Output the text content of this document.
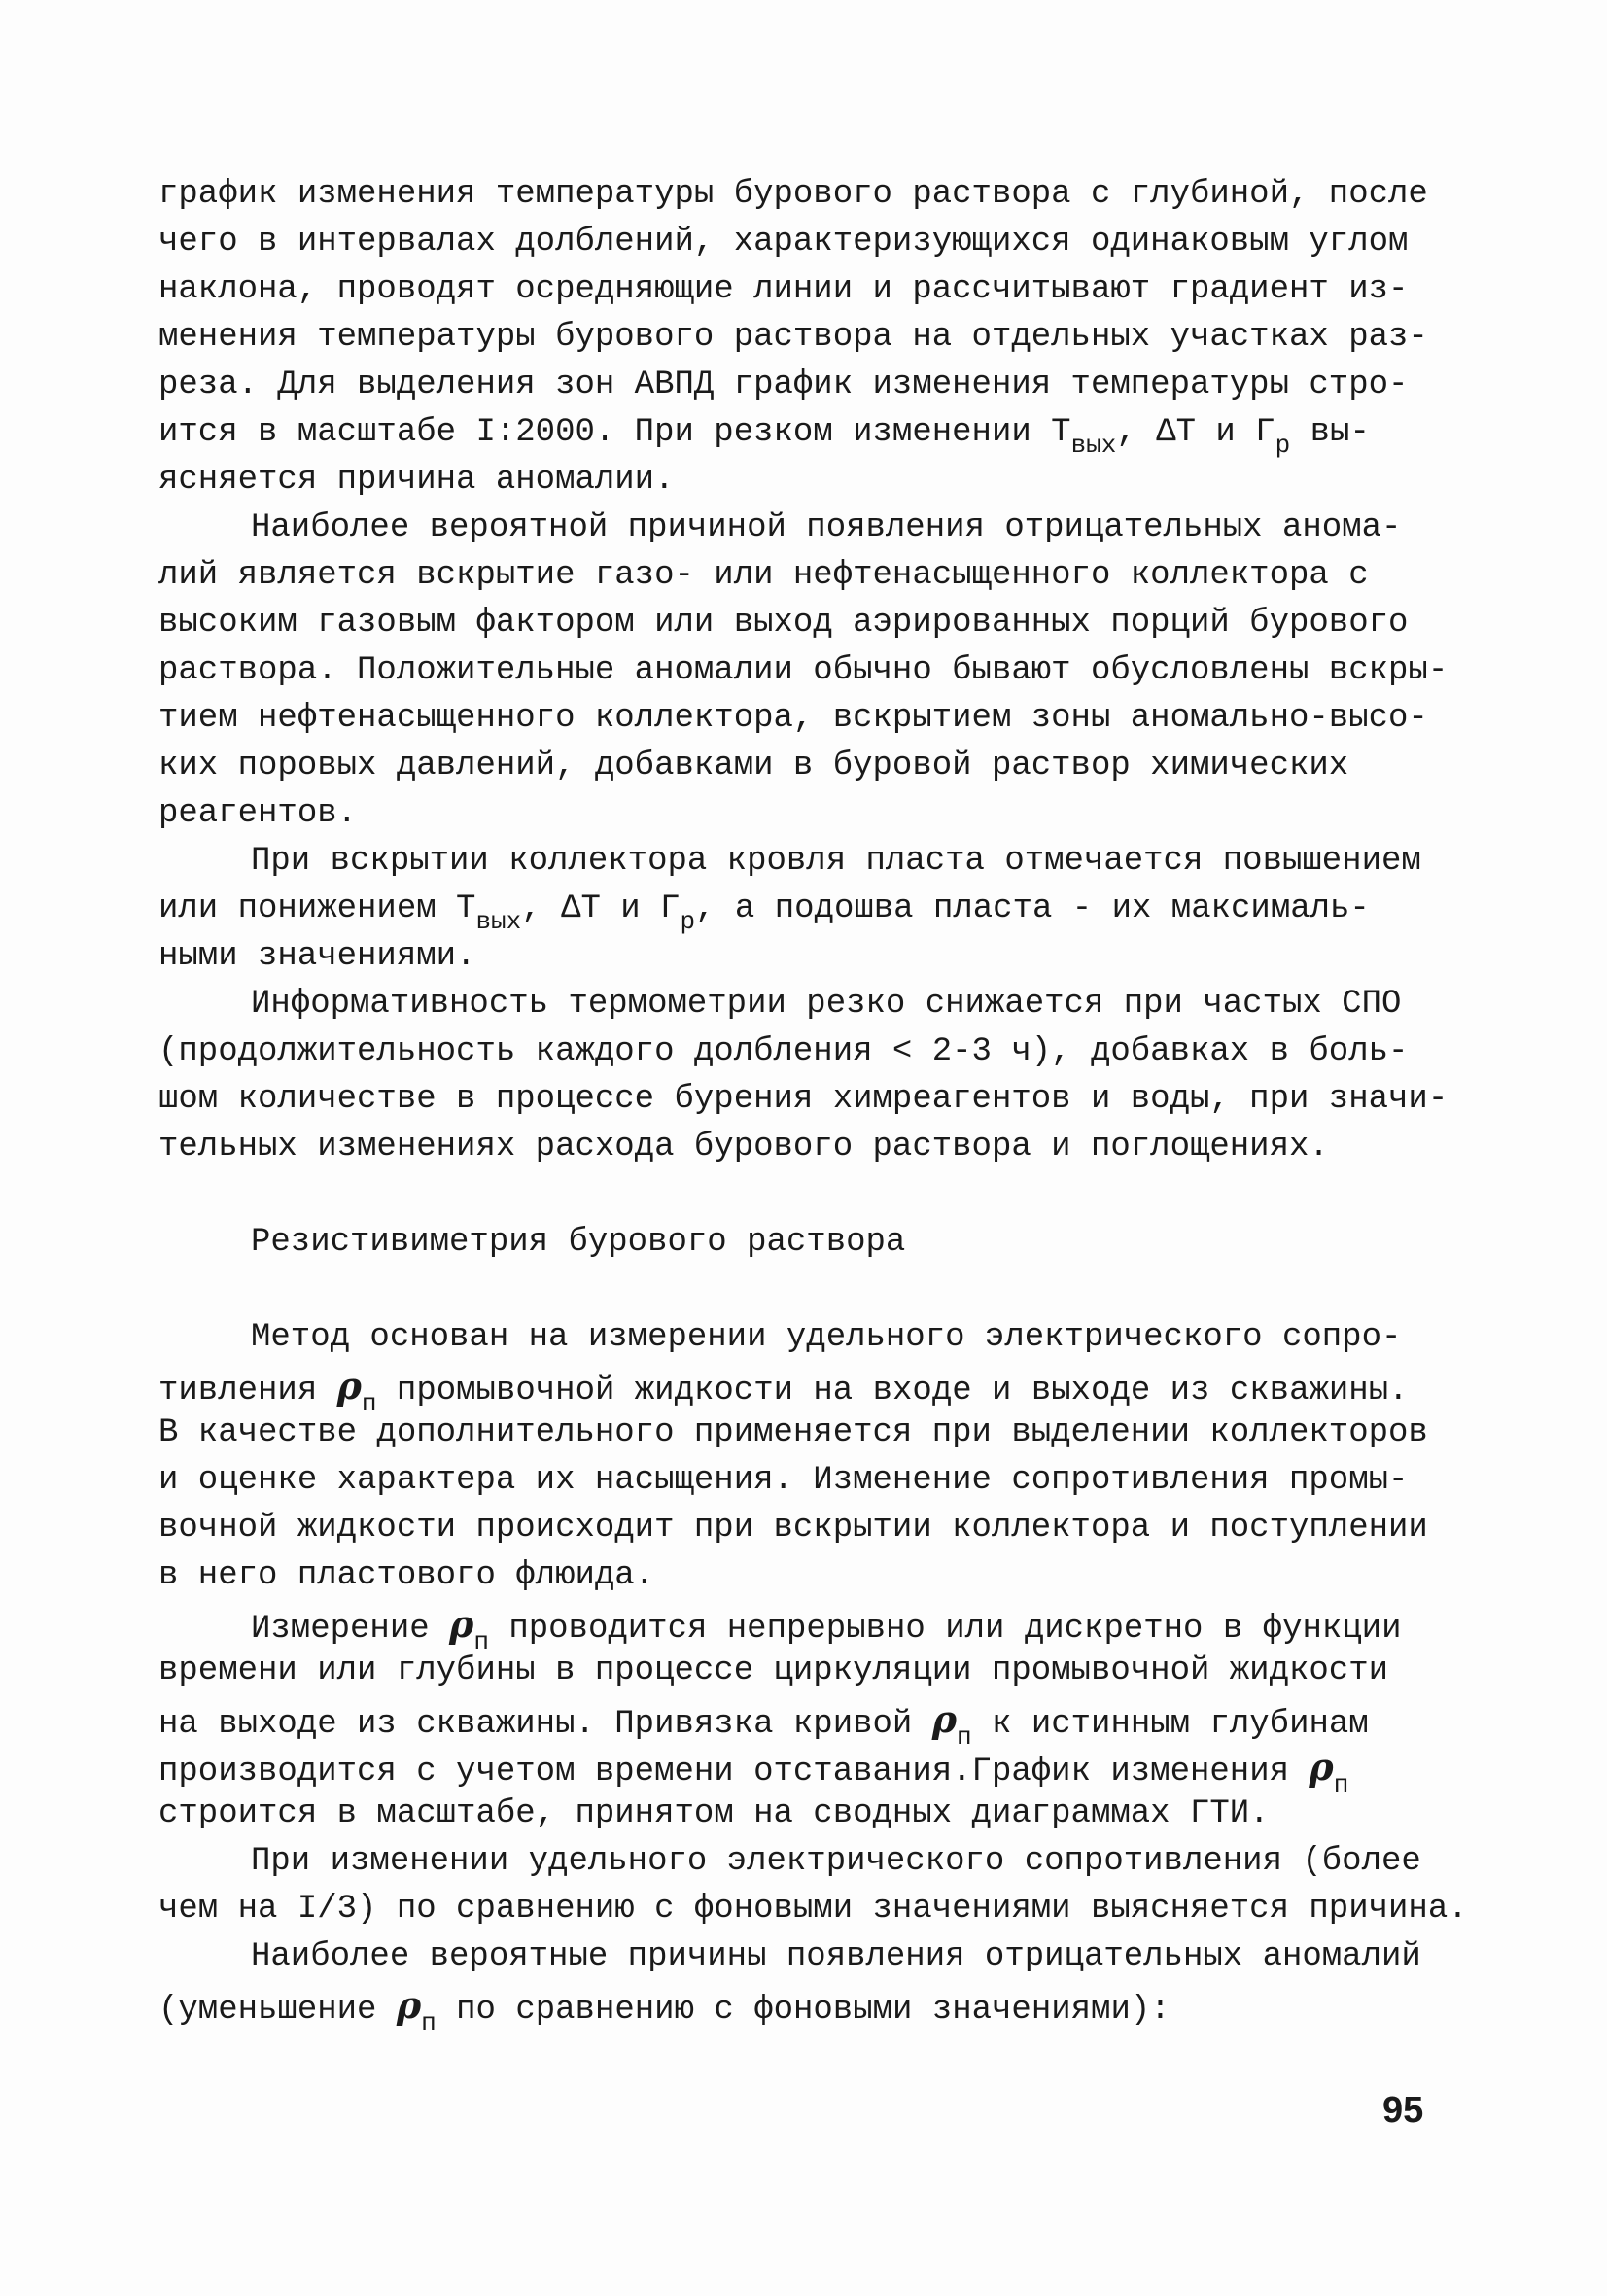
график изменения температуры бурового раствора с глубиной, после
чего в интервалах долблений, характеризующихся одинаковым углом
наклона, проводят осредняющие линии и рассчитывают градиент из-
менения температуры бурового раствора на отдельных участках раз-
реза. Для выделения зон АВПД график изменения температуры стро-
ится в масштабе I:2000. При резком изменении $Т_{вых}$, ΔT и $Г_р$ вы-
ясняется причина аномалии.
Наиболее вероятной причиной появления отрицательных анома-
лий является вскрытие газо- или нефтенасыщенного коллектора с
высоким газовым фактором или выход аэрированных порций бурового
раствора. Положительные аномалии обычно бывают обусловлены вскры-
тием нефтенасыщенного коллектора, вскрытием зоны аномально-высо-
ких поровых давлений, добавками в буровой раствор химических
реагентов.
При вскрытии коллектора кровля пласта отмечается повышением
или понижением $Т_{вых}$, ΔT и $Г_р$, а подошва пласта - их максималь-
ными значениями.
Информативность термометрии резко снижается при частых СПО
(продолжительность каждого долбления < 2-3 ч), добавках в боль-
шом количестве в процессе бурения химреагентов и воды, при значи-
тельных изменениях расхода бурового раствора и поглощениях.
Резистивиметрия бурового раствора
Метод основан на измерении удельного электрического сопро-
тивления $\rho_п$ промывочной жидкости на входе и выходе из скважины.
В качестве дополнительного применяется при выделении коллекторов
и оценке характера их насыщения. Изменение сопротивления промы-
вочной жидкости происходит при вскрытии коллектора и поступлении
в него пластового флюида.
Измерение $\rho_п$ проводится непрерывно или дискретно в функции
времени или глубины в процессе циркуляции промывочной жидкости
на выходе из скважины. Привязка кривой $\rho_п$ к истинным глубинам
производится с учетом времени отставания.График изменения $\rho_п$
строится в масштабе, принятом на сводных диаграммах ГТИ.
При изменении удельного электрического сопротивления (более
чем на I/3) по сравнению с фоновыми значениями выясняется причина.
Наиболее вероятные причины появления отрицательных аномалий
(уменьшение $\rho_п$ по сравнению с фоновыми значениями):
95
